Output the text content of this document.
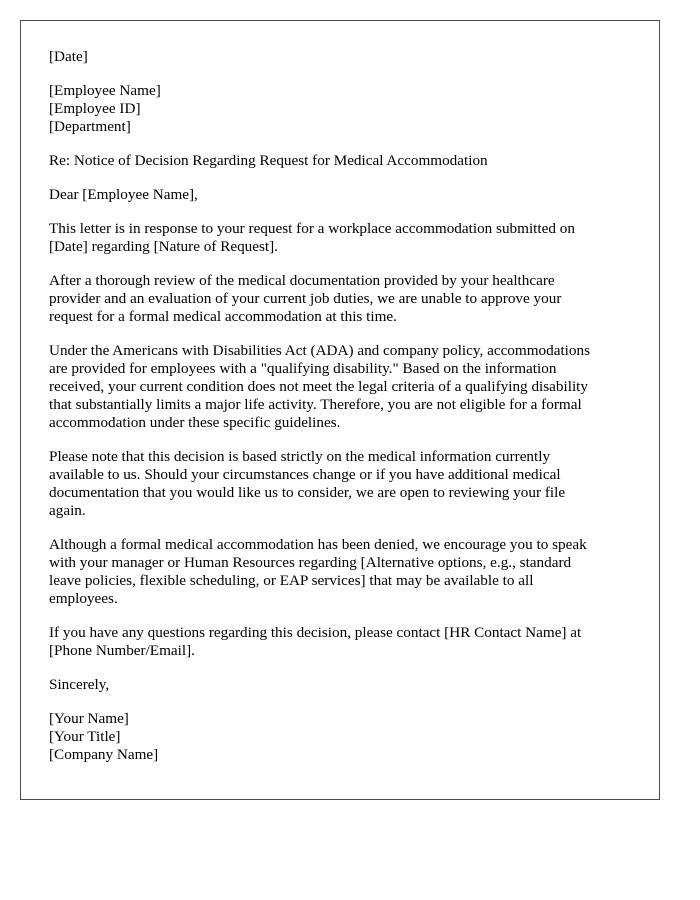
[Date]
[Employee Name]
[Employee ID]
[Department]
Re: Notice of Decision Regarding Request for Medical Accommodation
Dear [Employee Name],

This letter is in response to your request for a workplace accommodation submitted on
[Date] regarding [Nature of Request].

After a thorough review of the medical documentation provided by your healthcare
provider and an evaluation of your current job duties, we are unable to approve your
request for a formal medical accommodation at this time.

Under the Americans with Disabilities Act (ADA) and company policy, accommodations
are provided for employees with a "qualifying disability." Based on the information
received, your current condition does not meet the legal criteria of a qualifying disability
that substantially limits a major life activity. Therefore, you are not eligible for a formal
accommodation under these specific guidelines.

Please note that this decision is based strictly on the medical information currently
available to us. Should your circumstances change or if you have additional medical
documentation that you would like us to consider, we are open to reviewing your file
again.

Although a formal medical accommodation has been denied, we encourage you to speak
with your manager or Human Resources regarding [Alternative options, e.g., standard
leave policies, flexible scheduling, or EAP services] that may be available to all
employees.

If you have any questions regarding this decision, please contact [HR Contact Name] at
[Phone Number/Email].

Sincerely,
[Your Name]
[Your Title]
[Company Name]
